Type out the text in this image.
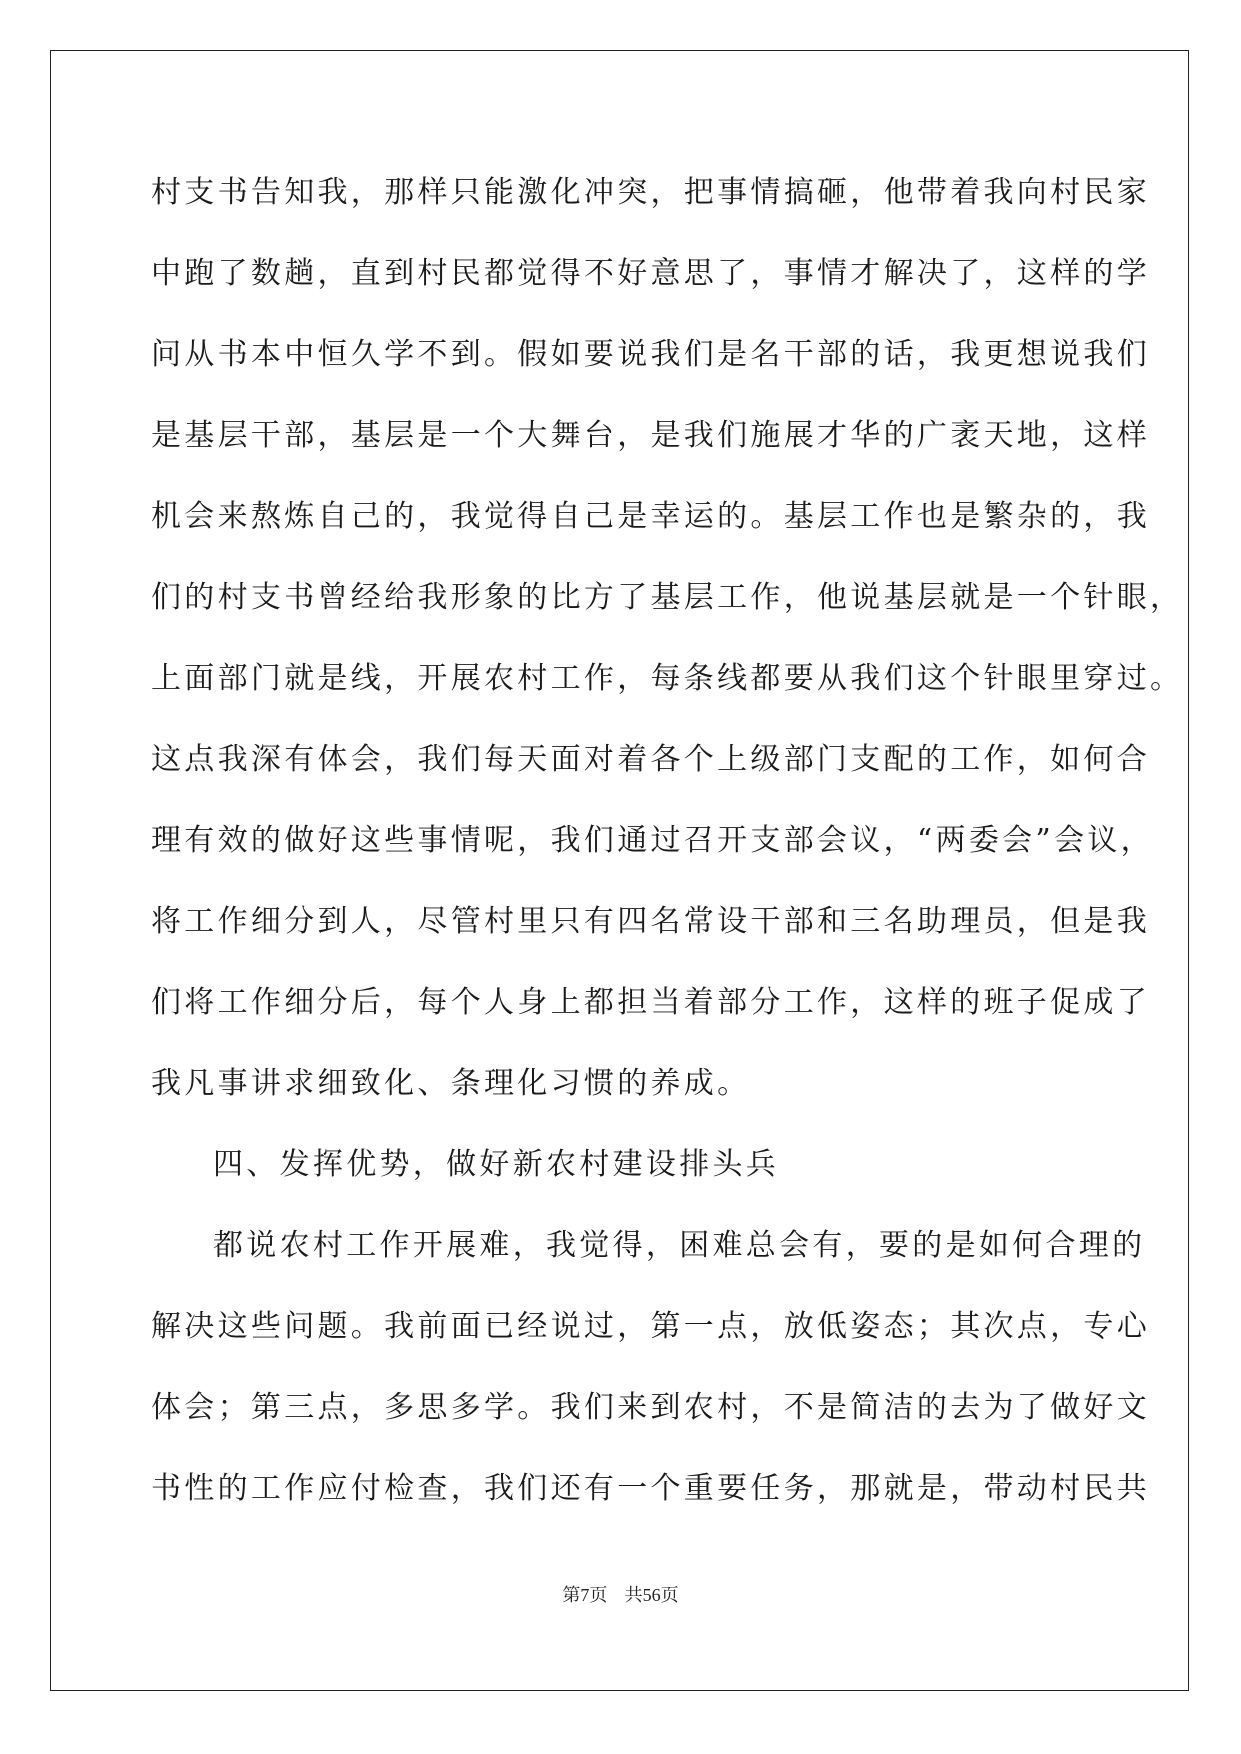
村支书告知我，那样只能激化冲突，把事情搞砸，他带着我向村民家
中跑了数趟，直到村民都觉得不好意思了，事情才解决了，这样的学
问从书本中恒久学不到。假如要说我们是名干部的话，我更想说我们
是基层干部，基层是一个大舞台，是我们施展才华的广袤天地，这样
机会来熬炼自己的，我觉得自己是幸运的。基层工作也是繁杂的，我
们的村支书曾经给我形象的比方了基层工作，他说基层就是一个针眼，
上面部门就是线，开展农村工作，每条线都要从我们这个针眼里穿过。
这点我深有体会，我们每天面对着各个上级部门支配的工作，如何合
理有效的做好这些事情呢，我们通过召开支部会议，“两委会”会议，
将工作细分到人，尽管村里只有四名常设干部和三名助理员，但是我
们将工作细分后，每个人身上都担当着部分工作，这样的班子促成了
我凡事讲求细致化、条理化习惯的养成。
四、发挥优势，做好新农村建设排头兵
都说农村工作开展难，我觉得，困难总会有，要的是如何合理的
解决这些问题。我前面已经说过，第一点，放低姿态；其次点，专心
体会；第三点，多思多学。我们来到农村，不是简洁的去为了做好文
书性的工作应付检查，我们还有一个重要任务，那就是，带动村民共
第7页 共56页
